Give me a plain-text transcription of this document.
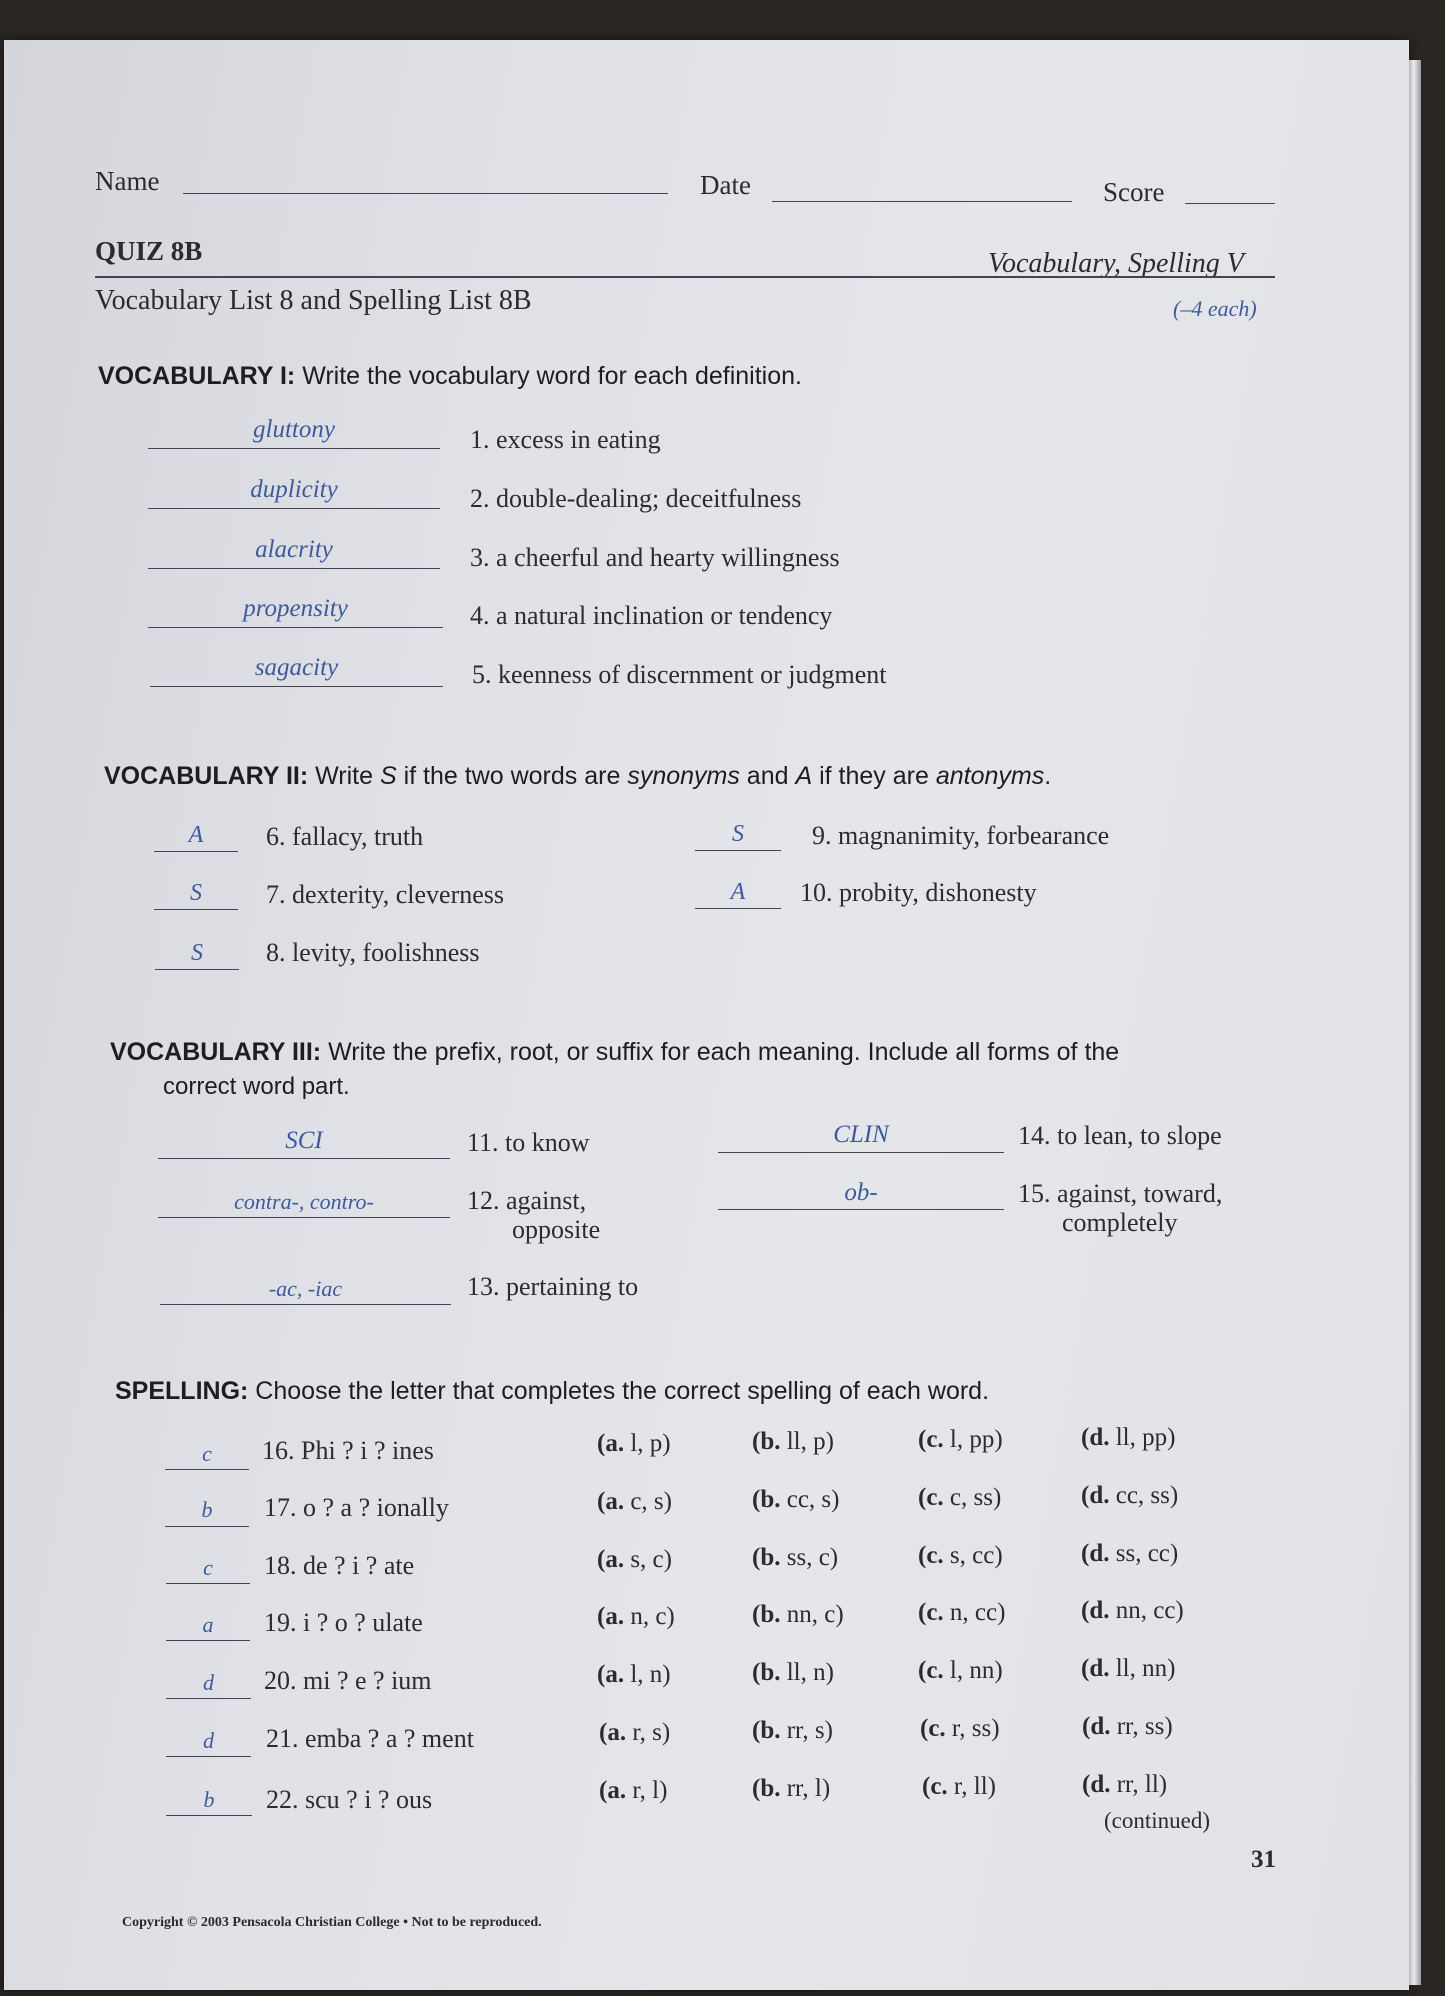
Name	Date	Score
QUIZ 8B	Vocabulary, Spelling V
Vocabulary List 8 and Spelling List 8B	(–4 each)
VOCABULARY I: Write the vocabulary word for each definition.
gluttony	1. excess in eating
duplicity	2. double-dealing; deceitfulness
alacrity	3. a cheerful and hearty willingness
propensity	4. a natural inclination or tendency
sagacity	5. keenness of discernment or judgment
VOCABULARY II: Write S if the two words are synonyms and A if they are antonyms.
A	6. fallacy, truth
S	7. dexterity, cleverness
S	8. levity, foolishness
S	9. magnanimity, forbearance
A	10. probity, dishonesty
VOCABULARY III: Write the prefix, root, or suffix for each meaning. Include all forms of the
correct word part.
SCI	11. to know
contra-, contro-	12. against,
opposite
-ac, -iac	13. pertaining to
CLIN	14. to lean, to slope
ob-	15. against, toward,
completely
SPELLING: Choose the letter that completes the correct spelling of each word.
c	16. Phi ? i ? ines	(a. l, p)	(b. ll, p)	(c. l, pp)	(d. ll, pp)
b	17. o ? a ? ionally	(a. c, s)	(b. cc, s)	(c. c, ss)	(d. cc, ss)
c	18. de ? i ? ate	(a. s, c)	(b. ss, c)	(c. s, cc)	(d. ss, cc)
a	19. i ? o ? ulate	(a. n, c)	(b. nn, c)	(c. n, cc)	(d. nn, cc)
d	20. mi ? e ? ium	(a. l, n)	(b. ll, n)	(c. l, nn)	(d. ll, nn)
d	21. emba ? a ? ment	(a. r, s)	(b. rr, s)	(c. r, ss)	(d. rr, ss)
b	22. scu ? i ? ous	(a. r, l)	(b. rr, l)	(c. r, ll)	(d. rr, ll)
(continued)
31
Copyright © 2003 Pensacola Christian College • Not to be reproduced.
